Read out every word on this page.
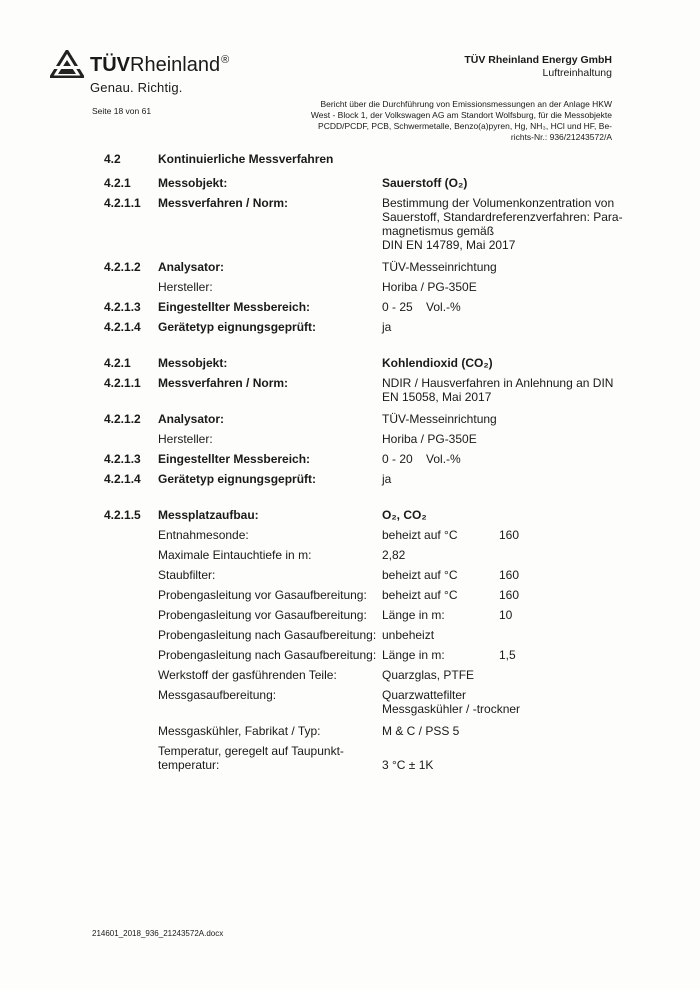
TÜVRheinland®
Genau. Richtig.
TÜV Rheinland Energy GmbH
Luftreinhaltung
Seite 18 von 61
Bericht über die Durchführung von Emissionsmessungen an der Anlage HKW
West - Block 1, der Volkswagen AG am Standort Wolfsburg, für die Messobjekte
PCDD/PCDF, PCB, Schwermetalle, Benzo(a)pyren, Hg, NH₃, HCl und HF, Be-
richts-Nr.: 936/21243572/A
4.2	Kontinuierliche Messverfahren

4.2.1	Messobjekt:	Sauerstoff (O₂)
4.2.1.1	Messverfahren / Norm:	Bestimmung der Volumenkonzentration von
Sauerstoff, Standardreferenzverfahren: Para-
magnetismus gemäß
DIN EN 14789, Mai 2017
4.2.1.2	Analysator:	TÜV-Messeinrichtung
Hersteller:	Horiba / PG-350E
4.2.1.3	Eingestellter Messbereich:	0 - 25 Vol.-%
4.2.1.4	Gerätetyp eignungsgeprüft:	ja
4.2.1	Messobjekt:	Kohlendioxid (CO₂)
4.2.1.1	Messverfahren / Norm:	NDIR / Hausverfahren in Anlehnung an DIN
EN 15058, Mai 2017
4.2.1.2	Analysator:	TÜV-Messeinrichtung
Hersteller:	Horiba / PG-350E
4.2.1.3	Eingestellter Messbereich:	0 - 20 Vol.-%
4.2.1.4	Gerätetyp eignungsgeprüft:	ja
4.2.1.5	Messplatzaufbau:	O₂, CO₂
Entnahmesonde:	beheizt auf °C	160
Maximale Eintauchtiefe in m:	2,82
Staubfilter:	beheizt auf °C	160
Probengasleitung vor Gasaufbereitung:	beheizt auf °C	160
Probengasleitung vor Gasaufbereitung:	Länge in m:	10
Probengasleitung nach Gasaufbereitung: unbeheizt
Probengasleitung nach Gasaufbereitung: Länge in m:	1,5
Werkstoff der gasführenden Teile:	Quarzglas, PTFE
Messgasaufbereitung:	Quarzwattefilter
Messgaskühler / -trockner
Messgaskühler, Fabrikat / Typ:	M & C / PSS 5
Temperatur, geregelt auf Taupunkt-
temperatur:	3 °C ± 1K
214601_2018_936_21243572A.docx
